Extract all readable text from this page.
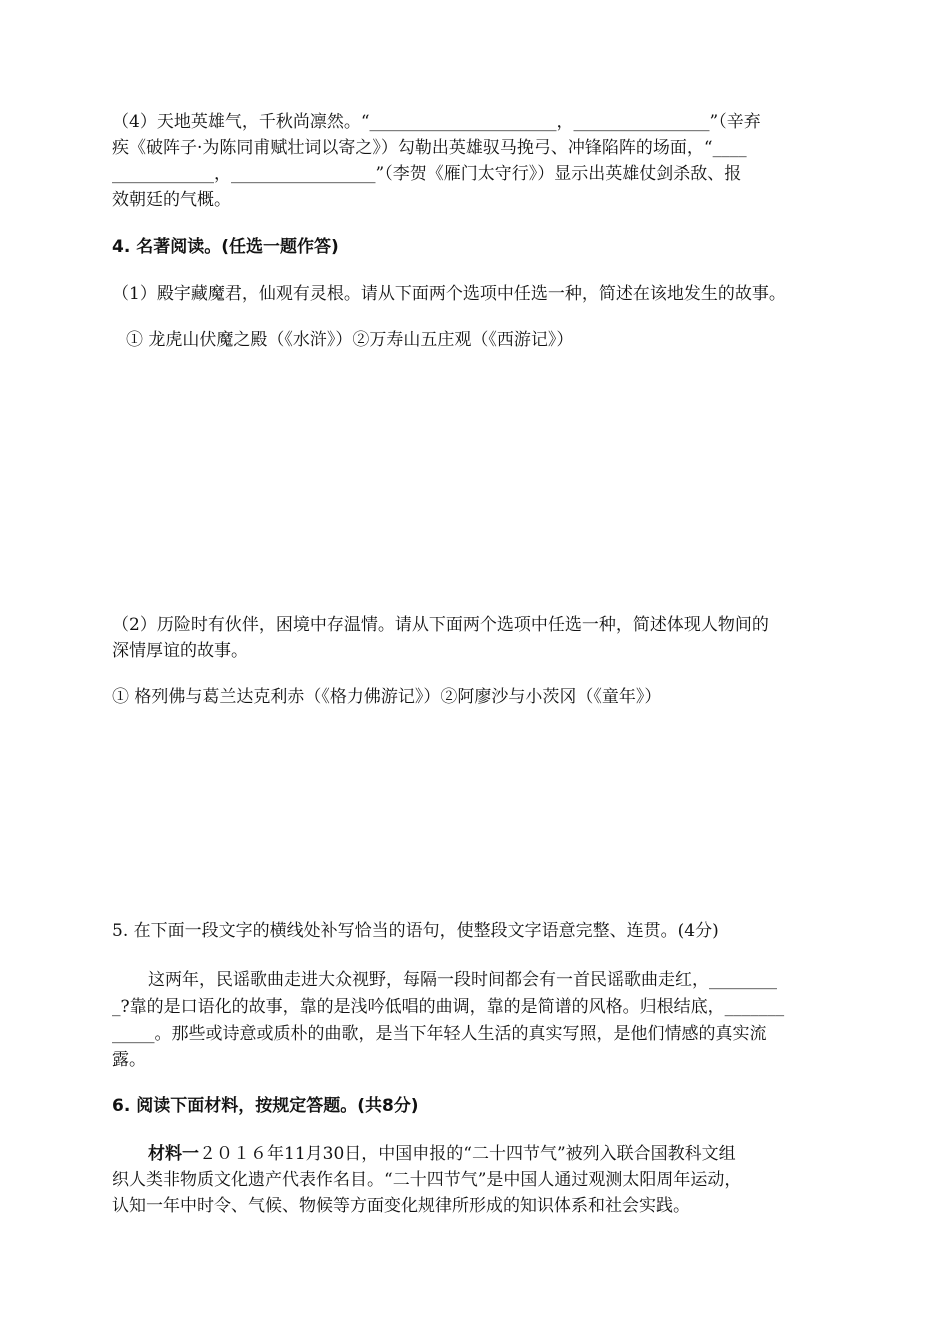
（4）天地英雄气，千秋尚凛然。“______________________，________________”（辛弃
疾《破阵子·为陈同甫赋壮词以寄之》）勾勒出英雄驭马挽弓、冲锋陷阵的场面，“____
____________，_________________”（李贺《雁门太守行》）显示出英雄仗剑杀敌、报
效朝廷的气概。
4. 名著阅读。(任选一题作答)
（1）殿宇藏魔君，仙观有灵根。请从下面两个选项中任选一种，简述在该地发生的故事。
① 龙虎山伏魔之殿（《水浒》）②万寿山五庄观（《西游记》）
（2）历险时有伙伴，困境中存温情。请从下面两个选项中任选一种，简述体现人物间的
深情厚谊的故事。
① 格列佛与葛兰达克利赤（《格力佛游记》）②阿廖沙与小茨冈（《童年》）
5. 在下面一段文字的横线处补写恰当的语句，使整段文字语意完整、连贯。(4分)
这两年，民谣歌曲走进大众视野，每隔一段时间都会有一首民谣歌曲走红，________
_?靠的是口语化的故事，靠的是浅吟低唱的曲调，靠的是简谱的风格。归根结底，_______
_____。那些或诗意或质朴的曲歌，是当下年轻人生活的真实写照，是他们情感的真实流
露。
6. 阅读下面材料，按规定答题。(共8分)
材料一２０１６年11月30日，中国申报的“二十四节气”被列入联合国教科文组
织人类非物质文化遗产代表作名目。“二十四节气”是中国人通过观测太阳周年运动，
认知一年中时令、气候、物候等方面变化规律所形成的知识体系和社会实践。
